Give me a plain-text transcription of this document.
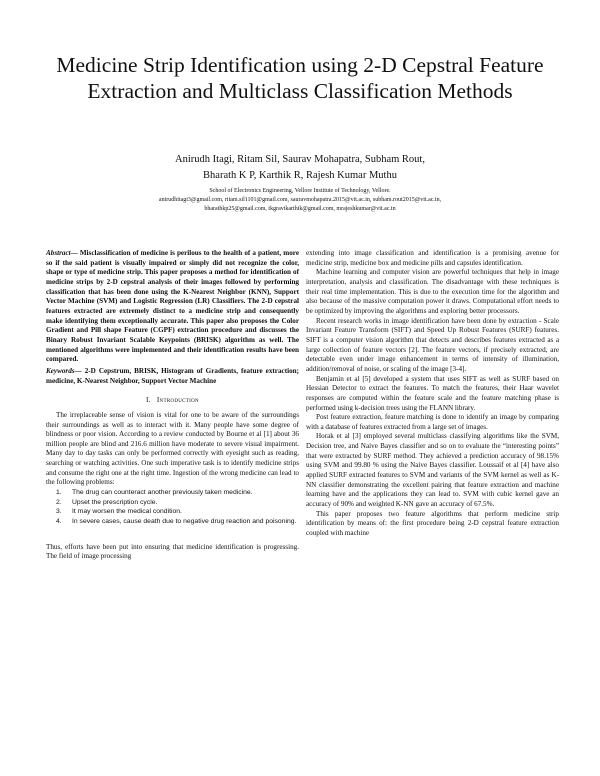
Medicine Strip Identification using 2-D Cepstral Feature Extraction and Multiclass Classification Methods
Anirudh Itagi, Ritam Sil, Saurav Mohapatra, Subham Rout,
Bharath K P, Karthik R, Rajesh Kumar Muthu
School of Electronics Engineering, Vellore Institute of Technology, Vellore.
anirudhitagi3@gmail.com, ritam.sil1101@gmail.com, sauravmohapatra.2015@vit.ac.in, subham.rout2015@vit.ac.in,
bharathkp25@gmail.com, tkgravikarthik@gmail.com, mrajeshkumar@vit.ac.in

Abstract— Misclassification of medicine is perilous to the health of a patient, more so if the said patient is visually impaired or simply did not recognize the color, shape or type of medicine strip. This paper proposes a method for identification of medicine strips by 2-D cepstral analysis of their images followed by performing classification that has been done using the K-Nearest Neighbor (KNN), Support Vector Machine (SVM) and Logistic Regression (LR) Classifiers. The 2-D cepstral features extracted are extremely distinct to a medicine strip and consequently make identifying them exceptionally accurate. This paper also proposes the Color Gradient and Pill shape Feature (CGPF) extraction procedure and discusses the Binary Robust Invariant Scalable Keypoints (BRISK) algorithm as well. The mentioned algorithms were implemented and their identification results have been compared.

Keywords— 2-D Cepstrum, BRISK, Histogram of Gradients, feature extraction; medicine, K-Nearest Neighbor, Support Vector Machine

I. Introduction

The irreplaceable sense of vision is vital for one to be aware of the surroundings their surroundings as well as to interact with it. Many people have some degree of blindness or poor vision. According to a review conducted by Bourne et al [1] about 36 million people are blind and 216.6 million have moderate to severe visual impairment. Many day to day tasks can only be performed correctly with eyesight such as reading, searching or watching activities. One such imperative task is to identify medicine strips and consume the right one at the right time. Ingestion of the wrong medicine can lead to the following problems:

1. The drug can counteract another previously taken medicine.
2. Upset the prescription cycle.
3. It may worsen the medical condition.
4. In severe cases, cause death due to negative drug reaction and poisoning.

Thus, efforts have been put into ensuring that medicine identification is progressing. The field of image processing

extending into image classification and identification is a promising avenue for medicine strip, medicine box and medicine pills and capsules identification.

Machine learning and computer vision are powerful techniques that help in image interpretation, analysis and classification. The disadvantage with these techniques is their real time implementation. This is due to the execution time for the algorithm and also because of the massive computation power it draws. Computational effort needs to be optimized by improving the algorithms and exploring better processors.

Recent research works in image identification have been done by extraction - Scale Invariant Feature Transform (SIFT) and Speed Up Robust Features (SURF) features. SIFT is a computer vision algorithm that detects and describes features extracted as a large collection of feature vectors [2]. The feature vectors, if precisely extracted, are detectable even under image enhancement in terms of intensity of illumination, addition/removal of noise, or scaling of the image [3-4].

Benjamin et al [5] developed a system that uses SIFT as well as SURF based on Hessian Detector to extract the features. To match the features, their Haar wavelet responses are computed within the feature scale and the feature matching phase is performed using k-decision trees using the FLANN library.

Post feature extraction, feature matching is done to identify an image by comparing with a database of features extracted from a large set of images.

Horak et al [3] employed several multiclass classifying algorithms like the SVM, Decision tree, and Naive Bayes classifier and so on to evaluate the “interesting points” that were extracted by SURF method. They achieved a prediction accuracy of 98.15% using SVM and 99.80 % using the Naive Bayes classifier. Loussaif et al [4] have also applied SURF extracted features to SVM and variants of the SVM kernel as well as K-NN classifier demonstrating the excellent pairing that feature extraction and machine learning have and the applications they can lead to. SVM with cubic kernel gave an accuracy of 90% and weighted K-NN gave an accuracy of 67.5%.

This paper proposes two feature algorithms that perform medicine strip identification by means of: the first procedure being 2-D cepstral feature extraction coupled with machine
